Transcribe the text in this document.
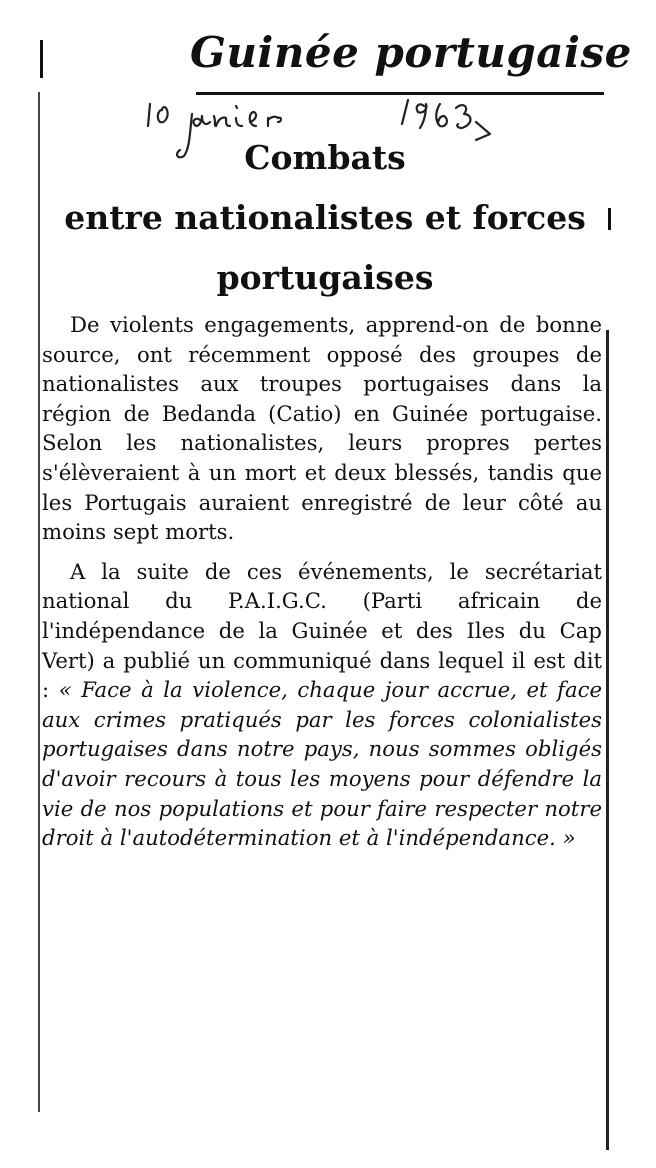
Guinée portugaise
Combats
entre nationalistes et forces
portugaises

De violents engagements, apprend-on de bonne source, ont récemment opposé des groupes de nationalistes aux troupes portugaises dans la région de Bedanda (Catio) en Guinée portugaise. Selon les nationalistes, leurs propres pertes s'élèveraient à un mort et deux blessés, tandis que les Portugais auraient enregistré de leur côté au moins sept morts.

A la suite de ces événements, le secrétariat national du P.A.I.G.C. (Parti africain de l'indépendance de la Guinée et des Iles du Cap Vert) a publié un communiqué dans lequel il est dit : « Face à la violence, chaque jour accrue, et face aux crimes pratiqués par les forces colonialistes portugaises dans notre pays, nous sommes obligés d'avoir recours à tous les moyens pour défendre la vie de nos populations et pour faire respecter notre droit à l'autodétermination et à l'indépendance. »
